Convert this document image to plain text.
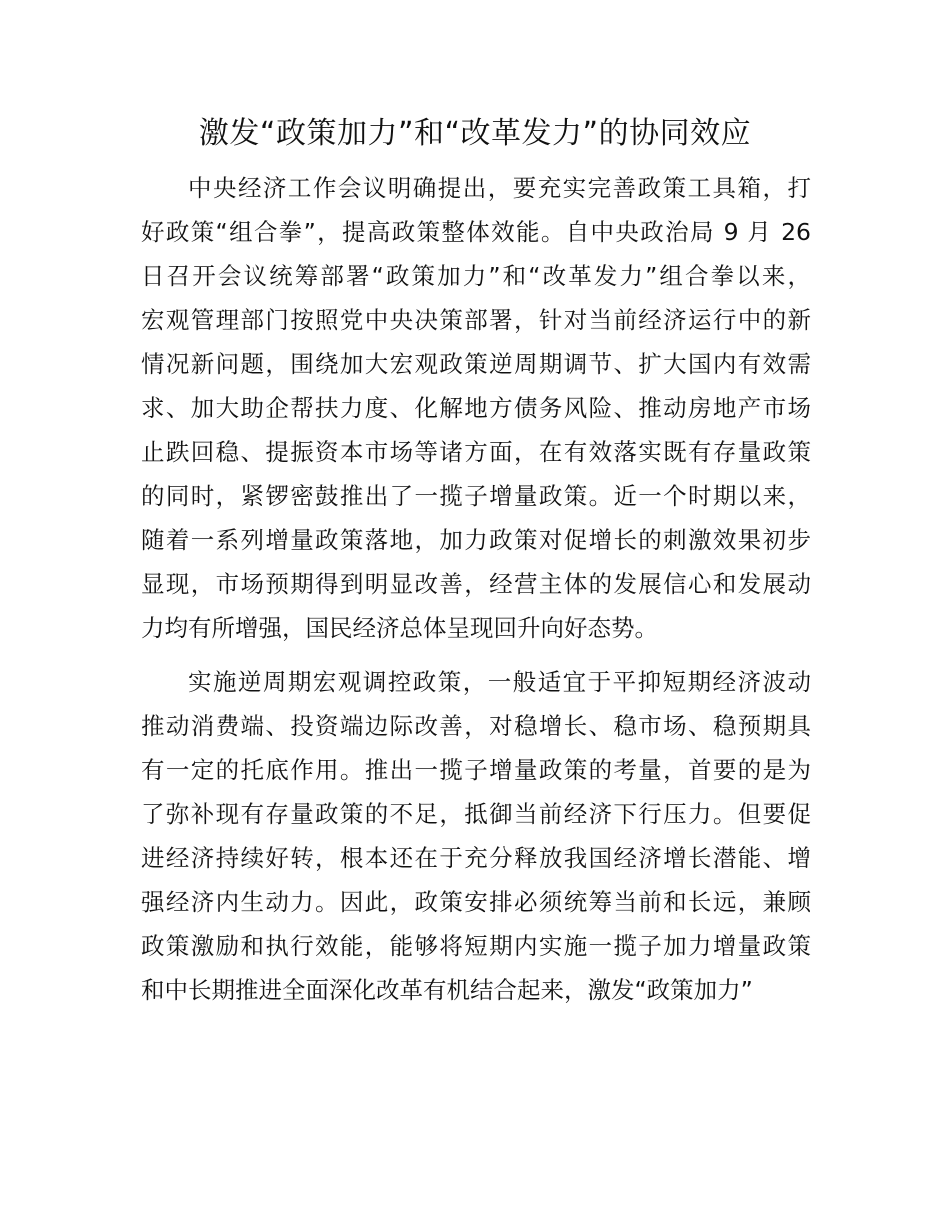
激发“政策加力”和“改革发力”的协同效应
中央经济工作会议明确提出，要充实完善政策工具箱，打
好政策“组合拳”，提高政策整体效能。自中央政治局 9 月 26
日召开会议统筹部署“政策加力”和“改革发力”组合拳以来，
宏观管理部门按照党中央决策部署，针对当前经济运行中的新
情况新问题，围绕加大宏观政策逆周期调节、扩大国内有效需
求、加大助企帮扶力度、化解地方债务风险、推动房地产市场
止跌回稳、提振资本市场等诸方面，在有效落实既有存量政策
的同时，紧锣密鼓推出了一揽子增量政策。近一个时期以来，
随着一系列增量政策落地，加力政策对促增长的刺激效果初步
显现，市场预期得到明显改善，经营主体的发展信心和发展动
力均有所增强，国民经济总体呈现回升向好态势。
实施逆周期宏观调控政策，一般适宜于平抑短期经济波动
推动消费端、投资端边际改善，对稳增长、稳市场、稳预期具
有一定的托底作用。推出一揽子增量政策的考量，首要的是为
了弥补现有存量政策的不足，抵御当前经济下行压力。但要促
进经济持续好转，根本还在于充分释放我国经济增长潜能、增
强经济内生动力。因此，政策安排必须统筹当前和长远，兼顾
政策激励和执行效能，能够将短期内实施一揽子加力增量政策
和中长期推进全面深化改革有机结合起来，激发“政策加力”
